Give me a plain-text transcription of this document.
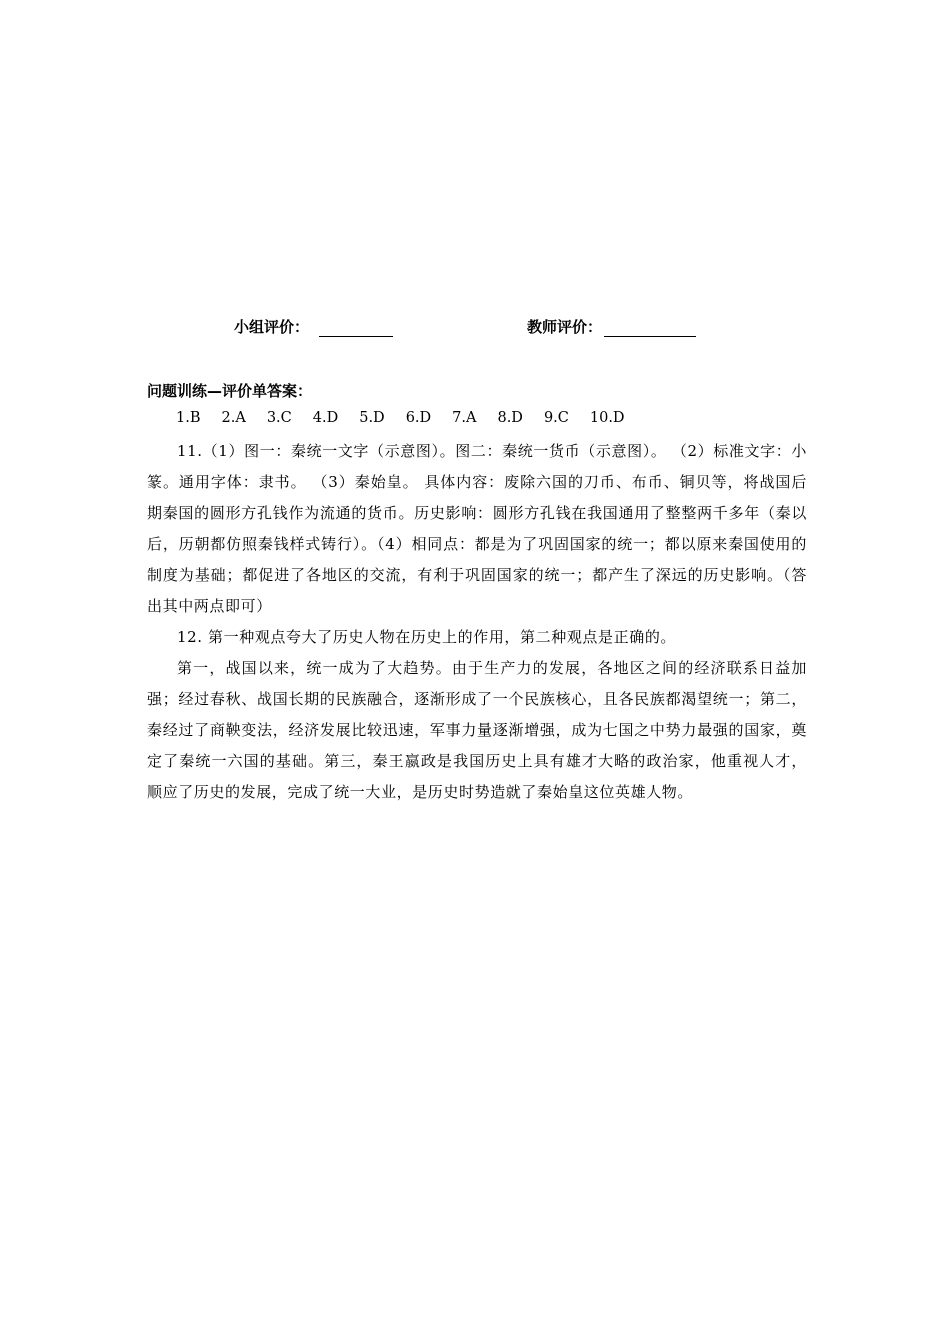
小组评价：	教师评价：
问题训练—评价单答案：
1.B 2.A 3.C 4.D 5.D 6.D 7.A 8.D 9.C 10.D
11.（1）图一：秦统一文字（示意图）。图二：秦统一货币（示意图）。 （2）标准文字：小篆。通用字体：隶书。 （3）秦始皇。 具体内容：废除六国的刀币、布币、铜贝等，将战国后期秦国的圆形方孔钱作为流通的货币。历史影响：圆形方孔钱在我国通用了整整两千多年（秦以后，历朝都仿照秦钱样式铸行）。（4）相同点：都是为了巩固国家的统一；都以原来秦国使用的制度为基础；都促进了各地区的交流，有利于巩固国家的统一；都产生了深远的历史影响。（答出其中两点即可）
12. 第一种观点夸大了历史人物在历史上的作用，第二种观点是正确的。
第一，战国以来，统一成为了大趋势。由于生产力的发展，各地区之间的经济联系日益加强；经过春秋、战国长期的民族融合，逐渐形成了一个民族核心，且各民族都渴望统一；第二，秦经过了商鞅变法，经济发展比较迅速，军事力量逐渐增强，成为七国之中势力最强的国家，奠定了秦统一六国的基础。第三，秦王嬴政是我国历史上具有雄才大略的政治家，他重视人才， 顺应了历史的发展，完成了统一大业，是历史时势造就了秦始皇这位英雄人物。
